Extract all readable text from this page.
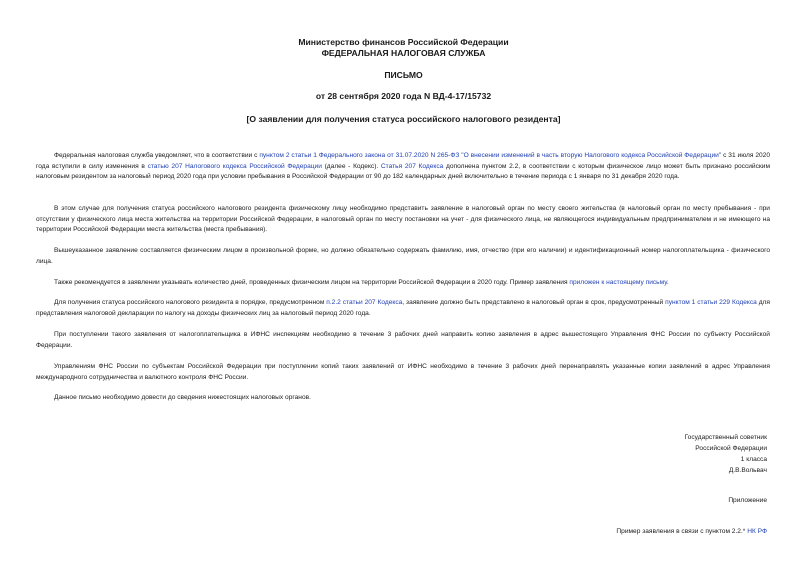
Министерство финансов Российской Федерации
ФЕДЕРАЛЬНАЯ НАЛОГОВАЯ СЛУЖБА
ПИСЬМО
от 28 сентября 2020 года N ВД-4-17/15732
[О заявлении для получения статуса российского налогового резидента]

Федеральная налоговая служба уведомляет, что в соответствии с пунктом 2 статьи 1 Федерального закона от 31.07.2020 N 265-ФЗ "О внесении изменений в часть вторую Налогового кодекса Российской Федерации" с 31 июля 2020 года вступили в силу изменения в статью 207 Налогового кодекса Российской Федерации (далее - Кодекс). Статья 207 Кодекса дополнена пунктом 2.2, в соответствии с которым физическое лицо может быть признано российским налоговым резидентом за налоговый период 2020 года при условии пребывания в Российской Федерации от 90 до 182 календарных дней включительно в течение периода с 1 января по 31 декабря 2020 года.

В этом случае для получения статуса российского налогового резидента физическому лицу необходимо представить заявление в налоговый орган по месту своего жительства (в налоговый орган по месту пребывания - при отсутствии у физического лица места жительства на территории Российской Федерации, в налоговый орган по месту постановки на учет - для физического лица, не являющегося индивидуальным предпринимателем и не имеющего на территории Российской Федерации места жительства (места пребывания).

Вышеуказанное заявление составляется физическим лицом в произвольной форме, но должно обязательно содержать фамилию, имя, отчество (при его наличии) и идентификационный номер налогоплательщика - физического лица.

Также рекомендуется в заявлении указывать количество дней, проведенных физическим лицом на территории Российской Федерации в 2020 году. Пример заявления приложен к настоящему письму.

Для получения статуса российского налогового резидента в порядке, предусмотренном п.2.2 статьи 207 Кодекса, заявление должно быть представлено в налоговый орган в срок, предусмотренный пунктом 1 статьи 229 Кодекса для представления налоговой декларации по налогу на доходы физических лиц за налоговый период 2020 года.

При поступлении такого заявления от налогоплательщика в ИФНС инспекциям необходимо в течение 3 рабочих дней направить копию заявления в адрес вышестоящего Управления ФНС России по субъекту Российской Федерации.

Управлениям ФНС России по субъектам Российской Федерации при поступлении копий таких заявлений от ИФНС необходимо в течение 3 рабочих дней перенаправлять указанные копии заявлений в адрес Управления международного сотрудничества и валютного контроля ФНС России.

Данное письмо необходимо довести до сведения нижестоящих налоговых органов.

Государственный советник
Российской Федерации
1 класса
Д.В.Вольвач
Приложение
Пример заявления в связи с пунктом 2.2.* НК РФ
